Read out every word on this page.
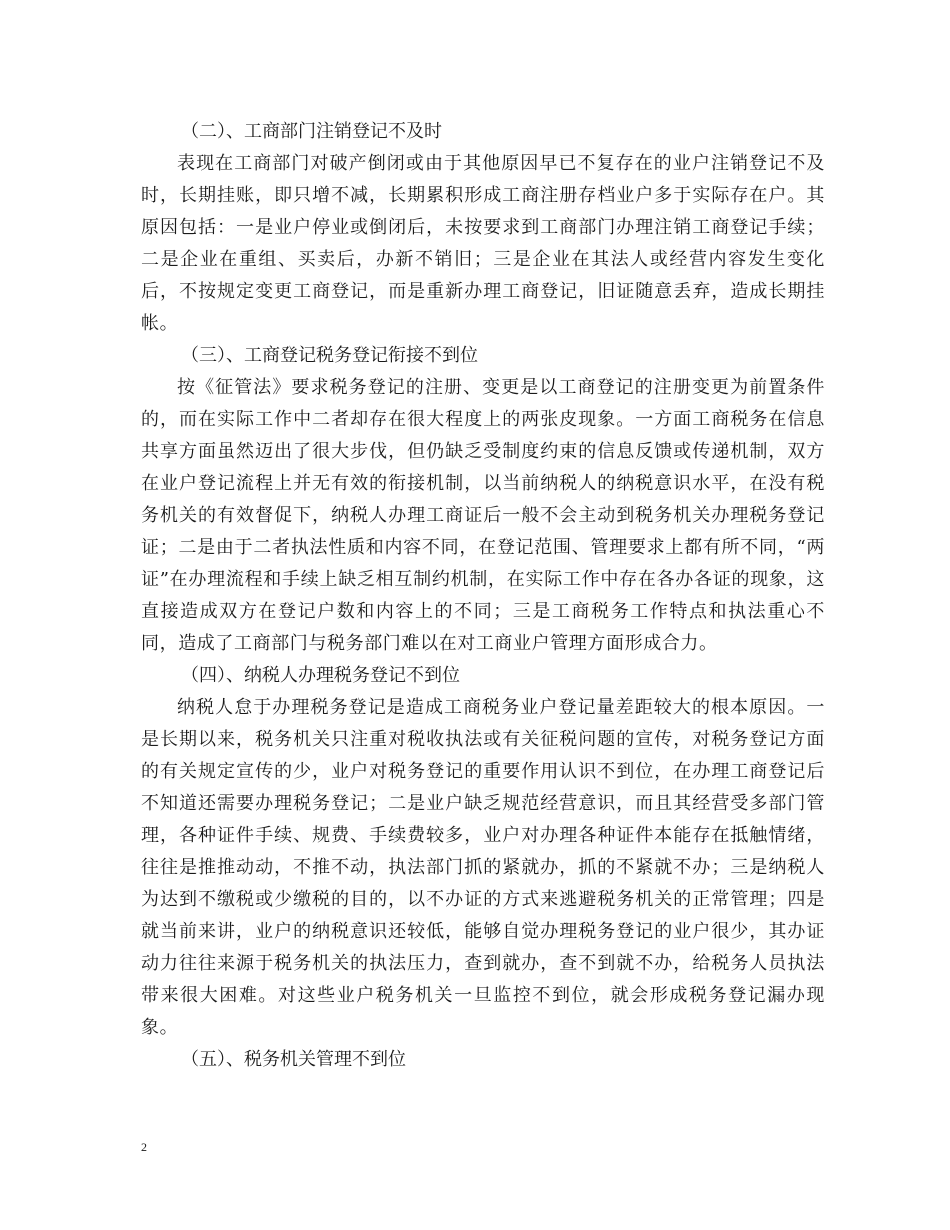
（二）、工商部门注销登记不及时

表现在工商部门对破产倒闭或由于其他原因早已不复存在的业户注销登记不及时，长期挂账，即只增不减，长期累积形成工商注册存档业户多于实际存在户。其原因包括：一是业户停业或倒闭后，未按要求到工商部门办理注销工商登记手续；二是企业在重组、买卖后，办新不销旧；三是企业在其法人或经营内容发生变化后，不按规定变更工商登记，而是重新办理工商登记，旧证随意丢弃，造成长期挂帐。

（三）、工商登记税务登记衔接不到位

按《征管法》要求税务登记的注册、变更是以工商登记的注册变更为前置条件的，而在实际工作中二者却存在很大程度上的两张皮现象。一方面工商税务在信息共享方面虽然迈出了很大步伐，但仍缺乏受制度约束的信息反馈或传递机制，双方在业户登记流程上并无有效的衔接机制，以当前纳税人的纳税意识水平，在没有税务机关的有效督促下，纳税人办理工商证后一般不会主动到税务机关办理税务登记证；二是由于二者执法性质和内容不同，在登记范围、管理要求上都有所不同，“两证”在办理流程和手续上缺乏相互制约机制，在实际工作中存在各办各证的现象，这直接造成双方在登记户数和内容上的不同；三是工商税务工作特点和执法重心不同，造成了工商部门与税务部门难以在对工商业户管理方面形成合力。

（四）、纳税人办理税务登记不到位

纳税人怠于办理税务登记是造成工商税务业户登记量差距较大的根本原因。一是长期以来，税务机关只注重对税收执法或有关征税问题的宣传，对税务登记方面的有关规定宣传的少，业户对税务登记的重要作用认识不到位，在办理工商登记后不知道还需要办理税务登记；二是业户缺乏规范经营意识，而且其经营受多部门管理，各种证件手续、规费、手续费较多，业户对办理各种证件本能存在抵触情绪，往往是推推动动，不推不动，执法部门抓的紧就办，抓的不紧就不办；三是纳税人为达到不缴税或少缴税的目的，以不办证的方式来逃避税务机关的正常管理；四是就当前来讲，业户的纳税意识还较低，能够自觉办理税务登记的业户很少，其办证动力往往来源于税务机关的执法压力，查到就办，查不到就不办，给税务人员执法带来很大困难。对这些业户税务机关一旦监控不到位，就会形成税务登记漏办现象。

（五）、税务机关管理不到位

2
